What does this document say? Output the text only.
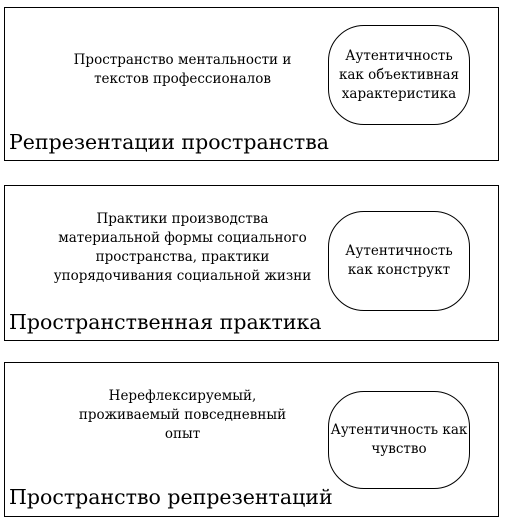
Пространство ментальности и
текстов профессионалов
Аутентичность
как объективная
характеристика
Репрезентации пространства
Практики производства
материальной формы социального
пространства, практики
упорядочивания социальной жизни
Аутентичность
как конструкт
Пространственная практика
Нерефлексируемый,
проживаемый повседневный
опыт	Аутентичность как
чувство
Пространство репрезентаций
